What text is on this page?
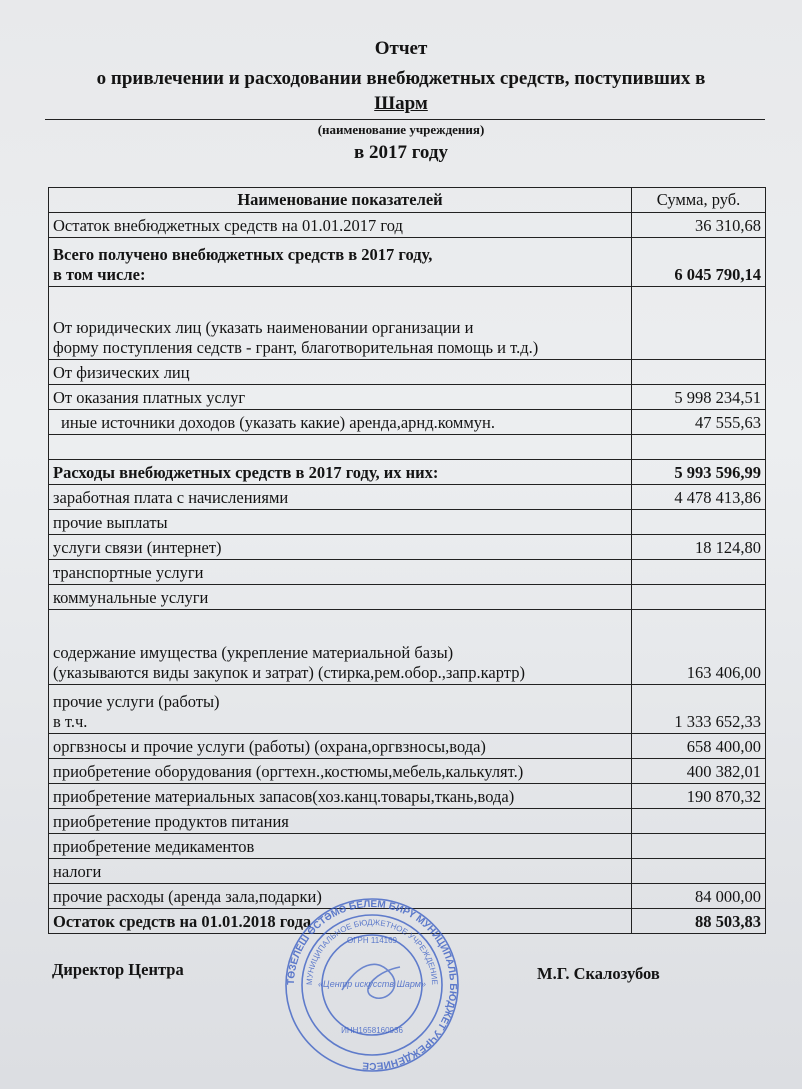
Отчет
о привлечении и расходовании внебюджетных средств, поступивших в
Шарм
(наименование учреждения)
в 2017 году
Наименование показателей	Сумма, руб.
Остаток внебюджетных средств на 01.01.2017 год	36 310,68
Всего получено внебюджетных средств в 2017 году,
в том числе:	6 045 790,14
От юридических лиц (указать наименовании организации и
форму поступления седств - грант, благотворительная помощь и т.д.)	
От физических лиц	
От оказания платных услуг	5 998 234,51
иные источники доходов (указать какие) аренда,арнд.коммун.	47 555,63

Расходы внебюджетных средств в 2017 году, их них:	5 993 596,99
заработная плата с начислениями	4 478 413,86
прочие выплаты	
услуги связи (интернет)	18 124,80
транспортные услуги	
коммунальные услуги	
содержание имущества (укрепление материальной базы)
(указываются виды закупок и затрат) (стирка,рем.обор.,запр.картр)	163 406,00
прочие услуги (работы)
в т.ч.	1 333 652,33
оргвзносы и прочие услуги (работы) (охрана,оргвзносы,вода)	658 400,00
приобретение оборудования (оргтехн.,костюмы,мебель,калькулят.)	400 382,01
приобретение материальных запасов(хоз.канц.товары,ткань,вода)	190 870,32
приобретение продуктов питания	
приобретение медикаментов	
налоги	
прочие расходы (аренда зала,подарки)	84 000,00
Остаток средств на 01.01.2018 года	88 503,83
Директор Центра	М.Г. Скалозубов
ТӨЗЕЛЕШ ӨСТӘМӘ БЕЛЕМ БИРҮ МУНИЦИПАЛЬ БЮДЖЕТ УЧРЕЖДЕНИЕСЕ
МУНИЦИПАЛЬНОЕ БЮДЖЕТНОЕ УЧРЕЖДЕНИЕ
ОГРН 114169
«Центр искусств Шарм»
ИНН1658160936
